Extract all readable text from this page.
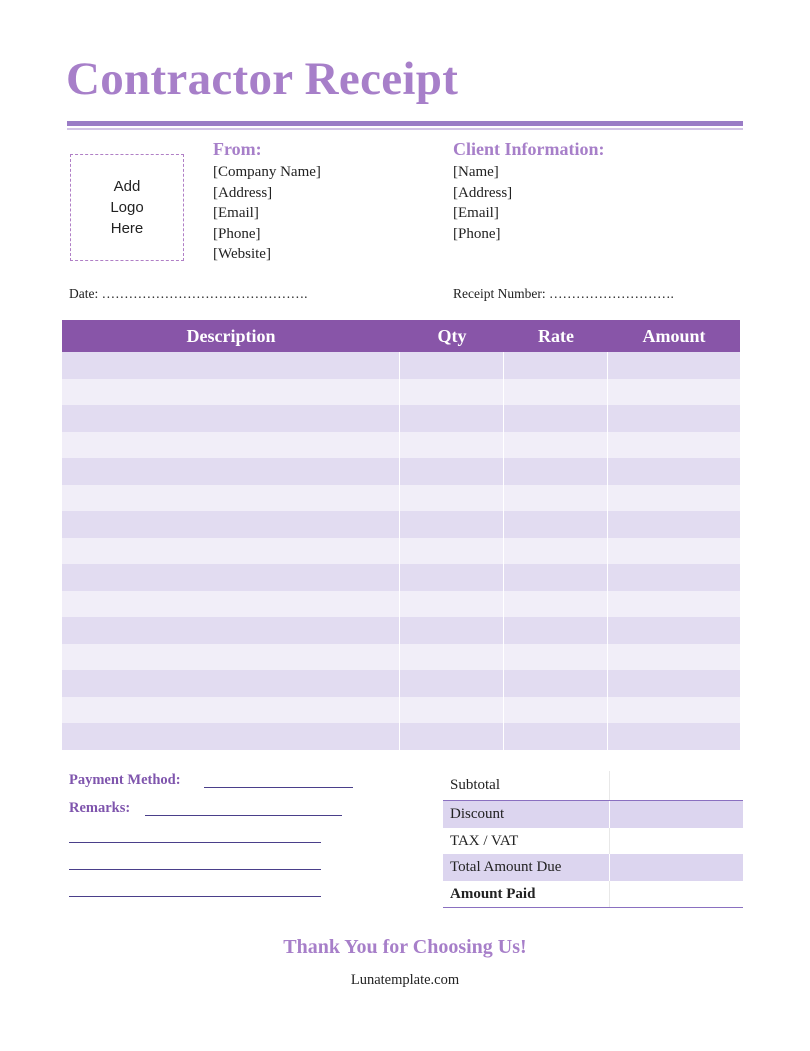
Contractor Receipt
Add
Logo
Here
From:
[Company Name]
[Address]
[Email]
[Phone]
[Website]
Client Information:
[Name]
[Address]
[Email]
[Phone]
Date: ……………………………………….	Receipt Number: ……………………….
Description	Qty	Rate	Amount
Payment Method:
Remarks:
Subtotal
Discount
TAX / VAT
Total Amount Due
Amount Paid
Thank You for Choosing Us!
Lunatemplate.com
